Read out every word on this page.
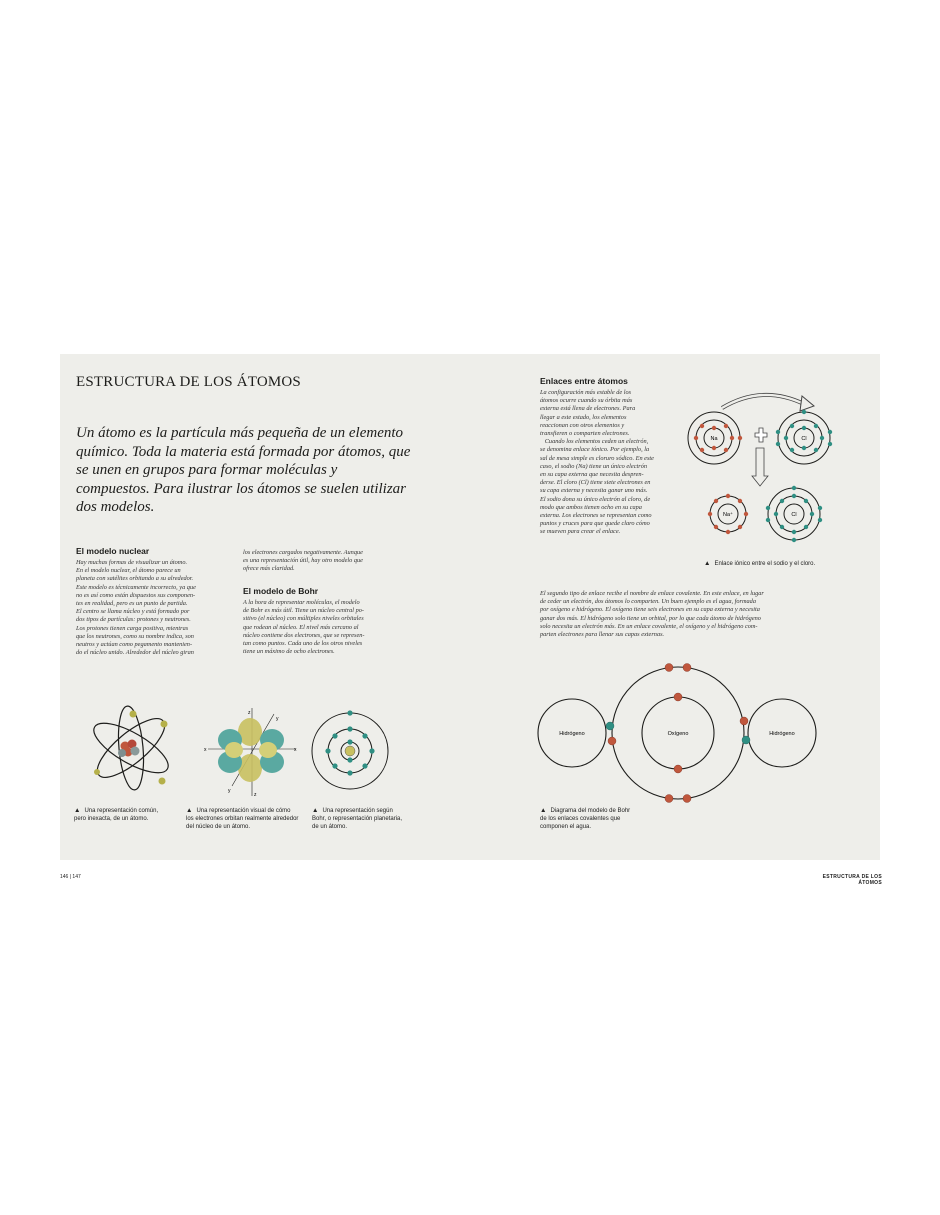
ESTRUCTURA DE LOS ÁTOMOS
Un átomo es la partícula más pequeña de un elemento químico. Toda la materia está formada por átomos, que se unen en grupos para formar moléculas y compuestos. Para ilustrar los átomos se suelen utilizar dos modelos.
El modelo nuclear
Hay muchas formas de visualizar un átomo.
En el modelo nuclear, el átomo parece un
planeta con satélites orbitando a su alrededor.
Este modelo es técnicamente incorrecto, ya que
no es así como están dispuestos sus componen-
tes en realidad, pero es un punto de partida.
El centro se llama núcleo y está formado por
dos tipos de partículas: protones y neutrones.
Los protones tienen carga positiva, mientras
que los neutrones, como su nombre indica, son
neutros y actúan como pegamento mantenien-
do el núcleo unido. Alrededor del núcleo giran
los electrones cargados negativamente. Aunque
es una representación útil, hay otro modelo que
ofrece más claridad.
El modelo de Bohr
A la hora de representar moléculas, el modelo
de Bohr es más útil. Tiene un núcleo central po-
sitivo (el núcleo) con múltiples niveles orbitales
que rodean al núcleo. El nivel más cercano al
núcleo contiene dos electrones, que se represen-
tan como puntos. Cada uno de los otros niveles
tiene un máximo de ocho electrones.
z
y
x	x
y
z
▲ Una representación común,
pero inexacta, de un átomo.
▲ Una representación visual de cómo
los electrones orbitan realmente alrededor
del núcleo de un átomo.
▲ Una representación según
Bohr, o representación planetaria,
de un átomo.
Enlaces entre átomos
La configuración más estable de los
átomos ocurre cuando su órbita más
externa está llena de electrones. Para
llegar a este estado, los elementos
reaccionan con otros elementos y
transfieren o comparten electrones.
Cuando los elementos ceden un electrón,
se denomina enlace iónico. Por ejemplo, la
sal de mesa simple es cloruro sódico. En este
caso, el sodio (Na) tiene un único electrón
en su capa externa que necesita despren-
derse. El cloro (Cl) tiene siete electrones en
su capa externa y necesita ganar uno más.
El sodio dona su único electrón al cloro, de
modo que ambos tienen ocho en su capa
externa. Los electrones se representan como
puntos y cruces para que quede claro cómo
se mueven para crear el enlace.
Na	Cl
Na⁺	Cl
▲ Enlace iónico entre el sodio y el cloro.
El segundo tipo de enlace recibe el nombre de enlace covalente. En este enlace, en lugar
de ceder un electrón, dos átomos lo comparten. Un buen ejemplo es el agua, formada
por oxígeno e hidrógeno. El oxígeno tiene seis electrones en su capa externa y necesita
ganar dos más. El hidrógeno solo tiene un orbital, por lo que cada átomo de hidrógeno
solo necesita un electrón más. En un enlace covalente, el oxígeno y el hidrógeno com-
parten electrones para llenar sus capas externas.
Hidrógeno	Oxígeno	Hidrógeno
▲ Diagrama del modelo de Bohr
de los enlaces covalentes que
componen el agua.
146 | 147	ESTRUCTURA DE LOS ÁTOMOS
